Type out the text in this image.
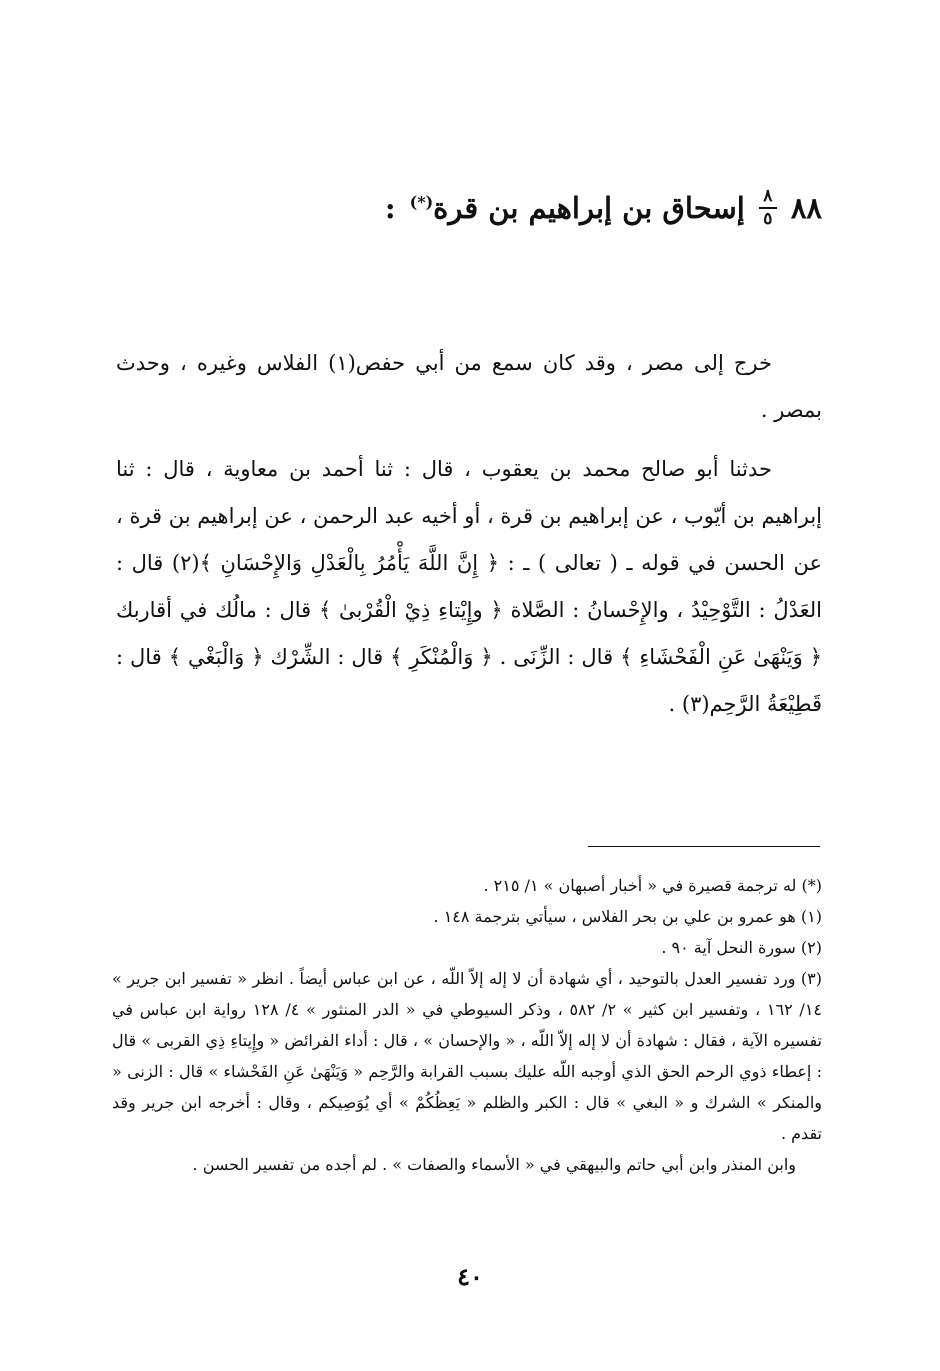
٨٨
$\frac{٨}{٥}$
إسحاق بن إبراهيم بن قرة(*)
:

خرج إلى مصر ، وقد كان سمع من أبي حفص(١) الفلاس وغيره ، وحدث بمصر .

حدثنا أبو صالح محمد بن يعقوب ، قال : ثنا أحمد بن معاوية ، قال : ثنا إبراهيم بن أيّوب ، عن إبراهيم بن قرة ، أو أخيه عبد الرحمن ، عن إبراهيم بن قرة ، عن الحسن في قوله ـ ( تعالى ) ـ : ﴿ إِنَّ اللَّهَ يَأْمُرُ بِالْعَدْلِ وَالإِحْسَانِ ﴾(٢) قال : العَدْلُ : التَّوْحِيْدُ ، والإِحْسانُ : الصَّلاة ﴿ وإِيْتاءِ ذِيْ الْقُرْبىٰ ﴾ قال : مالُك في أقاربك ﴿ وَيَنْهَىٰ عَنِ الْفَحْشَاءِ ﴾ قال : الزِّنَى . ﴿ وَالْمُنْكَرِ ﴾ قال : الشِّرْك ﴿ وَالْبَغْي ﴾ قال : قَطِيْعَةُ الرَّحِم(٣) .

(*) له ترجمة قصيرة في « أخبار أصبهان » ١/ ٢١٥ .

(١) هو عمرو بن علي بن بحر الفلاس ، سيأتي بترجمة ١٤٨ .

(٢) سورة النحل آية ٩٠ .

(٣) ورد تفسير العدل بالتوحيد ، أي شهادة أن لا إله إلاّ اللّه ، عن ابن عباس أيضاً . انظر « تفسير ابن جرير » ١٤/ ١٦٢ ، وتفسير ابن كثير » ٢/ ٥٨٢ ، وذكر السيوطي في « الدر المنثور » ٤/ ١٢٨ رواية ابن عباس في تفسيره الآية ، فقال : شهادة أن لا إله إلاّ اللّه ، « والإحسان » ، قال : أداء الفرائض « وإِيتاءِ ذِي القربى » قال : إعطاء ذوي الرحم الحق الذي أوجبه اللّه عليك بسبب القرابة والرَّحِم « وَيَنْهَىٰ عَنِ الفَحْشاء » قال : الزنى « والمنكر » الشرك و « البغي » قال : الكبر والظلم « يَعِظُكُمْ » أي يُوَصِيكم ، وقال : أخرجه ابن جرير وقد تقدم .

وابن المنذر وابن أبي حاتم والبيهقي في « الأسماء والصفات » . لم أجده من تفسير الحسن .

٤٠
